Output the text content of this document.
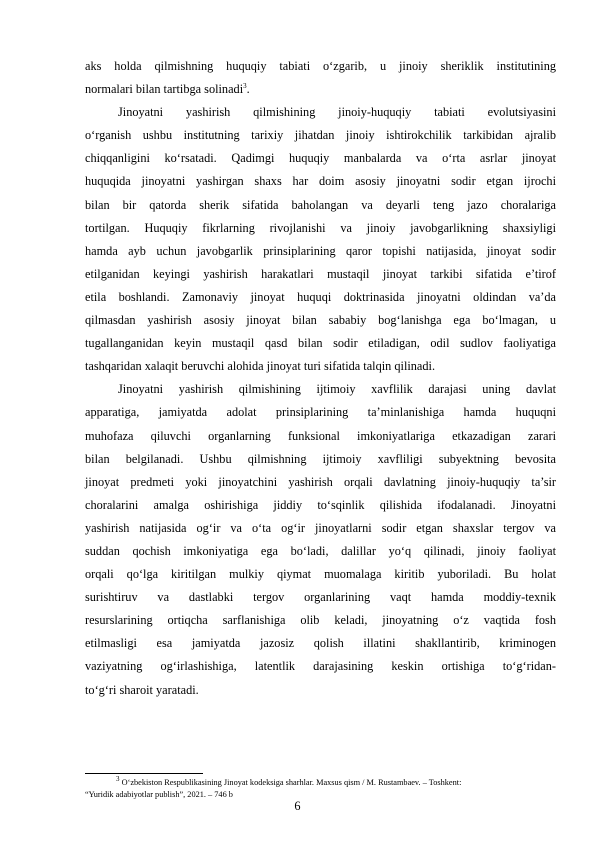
aks holda qilmishning huquqiy tabiati o‘zgarib, u jinoiy sheriklik institutining
normalari bilan tartibga solinadi$^3$.
Jinoyatni yashirish qilmishining jinoiy-huquqiy tabiati evolutsiyasini
o‘rganish ushbu institutning tarixiy jihatdan jinoiy ishtirokchilik tarkibidan ajralib
chiqqanligini ko‘rsatadi. Qadimgi huquqiy manbalarda va o‘rta asrlar jinoyat
huquqida jinoyatni yashirgan shaxs har doim asosiy jinoyatni sodir etgan ijrochi
bilan bir qatorda sherik sifatida baholangan va deyarli teng jazo choralariga
tortilgan. Huquqiy fikrlarning rivojlanishi va jinoiy javobgarlikning shaxsiyligi
hamda ayb uchun javobgarlik prinsiplarining qaror topishi natijasida, jinoyat sodir
etilganidan keyingi yashirish harakatlari mustaqil jinoyat tarkibi sifatida e’tirof
etila boshlandi. Zamonaviy jinoyat huquqi doktrinasida jinoyatni oldindan va’da
qilmasdan yashirish asosiy jinoyat bilan sababiy bog‘lanishga ega bo‘lmagan, u
tugallanganidan keyin mustaqil qasd bilan sodir etiladigan, odil sudlov faoliyatiga
tashqaridan xalaqit beruvchi alohida jinoyat turi sifatida talqin qilinadi.
Jinoyatni yashirish qilmishining ijtimoiy xavflilik darajasi uning davlat
apparatiga, jamiyatda adolat prinsiplarining ta’minlanishiga hamda huquqni
muhofaza qiluvchi organlarning funksional imkoniyatlariga etkazadigan zarari
bilan belgilanadi. Ushbu qilmishning ijtimoiy xavfliligi subyektning bevosita
jinoyat predmeti yoki jinoyatchini yashirish orqali davlatning jinoiy-huquqiy ta’sir
choralarini amalga oshirishiga jiddiy to‘sqinlik qilishida ifodalanadi. Jinoyatni
yashirish natijasida og‘ir va o‘ta og‘ir jinoyatlarni sodir etgan shaxslar tergov va
suddan qochish imkoniyatiga ega bo‘ladi, dalillar yo‘q qilinadi, jinoiy faoliyat
orqali qo‘lga kiritilgan mulkiy qiymat muomalaga kiritib yuboriladi. Bu holat
surishtiruv va dastlabki tergov organlarining vaqt hamda moddiy-texnik
resurslarining ortiqcha sarflanishiga olib keladi, jinoyatning o‘z vaqtida fosh
etilmasligi esa jamiyatda jazosiz qolish illatini shakllantirib, kriminogen
vaziyatning og‘irlashishiga, latentlik darajasining keskin ortishiga to‘g‘ridan-
to‘g‘ri sharoit yaratadi.
$^3$ O‘zbekiston Respublikasining Jinoyat kodeksiga sharhlar. Maxsus qism / M. Rustambaev. – Toshkent:
“Yuridik adabiyotlar publish”, 2021. – 746 b
6
